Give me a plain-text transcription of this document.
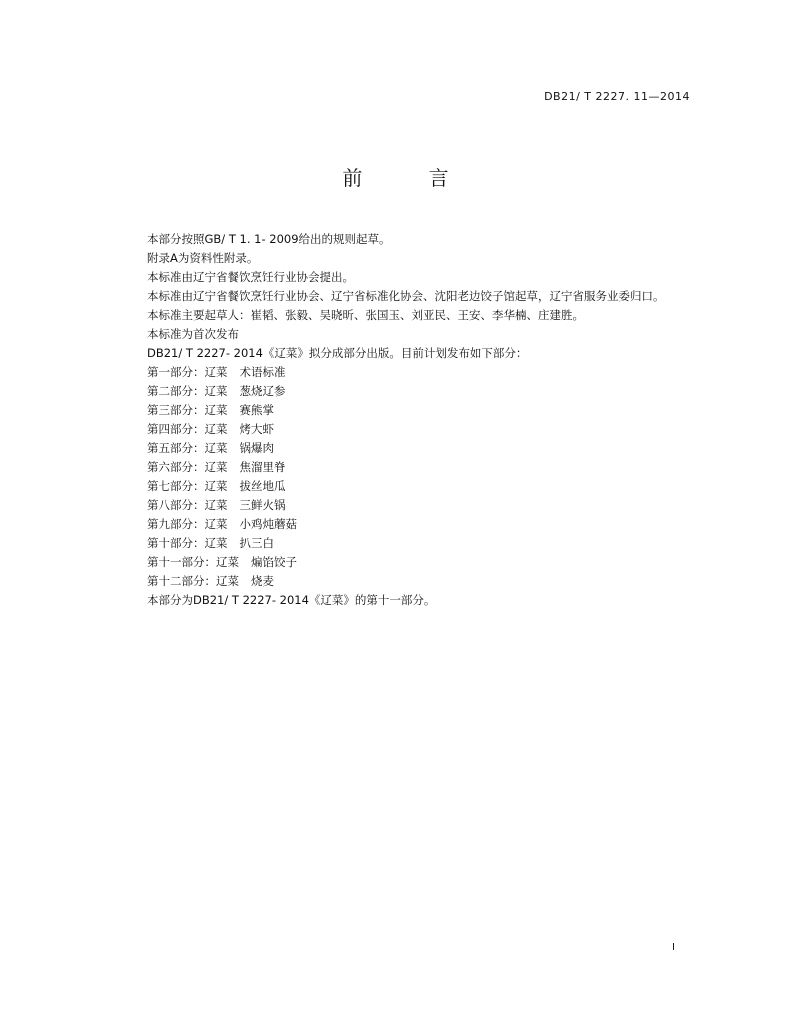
DB21/ T 2227. 11—2014
前 言

本部分按照GB/ T 1. 1- 2009给出的规则起草。

附录A为资料性附录。

本标准由辽宁省餐饮烹饪行业协会提出。

本标准由辽宁省餐饮烹饪行业协会、辽宁省标准化协会、沈阳老边饺子馆起草，辽宁省服务业委归口。

本标准主要起草人：崔韬、张毅、吴晓昕、张国玉、刘亚民、王安、李华楠、庄建胜。

本标准为首次发布

DB21/ T 2227- 2014《辽菜》拟分成部分出版。目前计划发布如下部分：

第一部分：辽菜 术语标准
第二部分：辽菜 葱烧辽参
第三部分：辽菜 赛熊掌
第四部分：辽菜 烤大虾
第五部分：辽菜 锅爆肉
第六部分：辽菜 焦溜里脊
第七部分：辽菜 拔丝地瓜
第八部分：辽菜 三鲜火锅
第九部分：辽菜 小鸡炖蘑菇
第十部分：辽菜 扒三白
第十一部分：辽菜 煸馅饺子
第十二部分：辽菜 烧麦

本部分为DB21/ T 2227- 2014《辽菜》的第十一部分。

I
